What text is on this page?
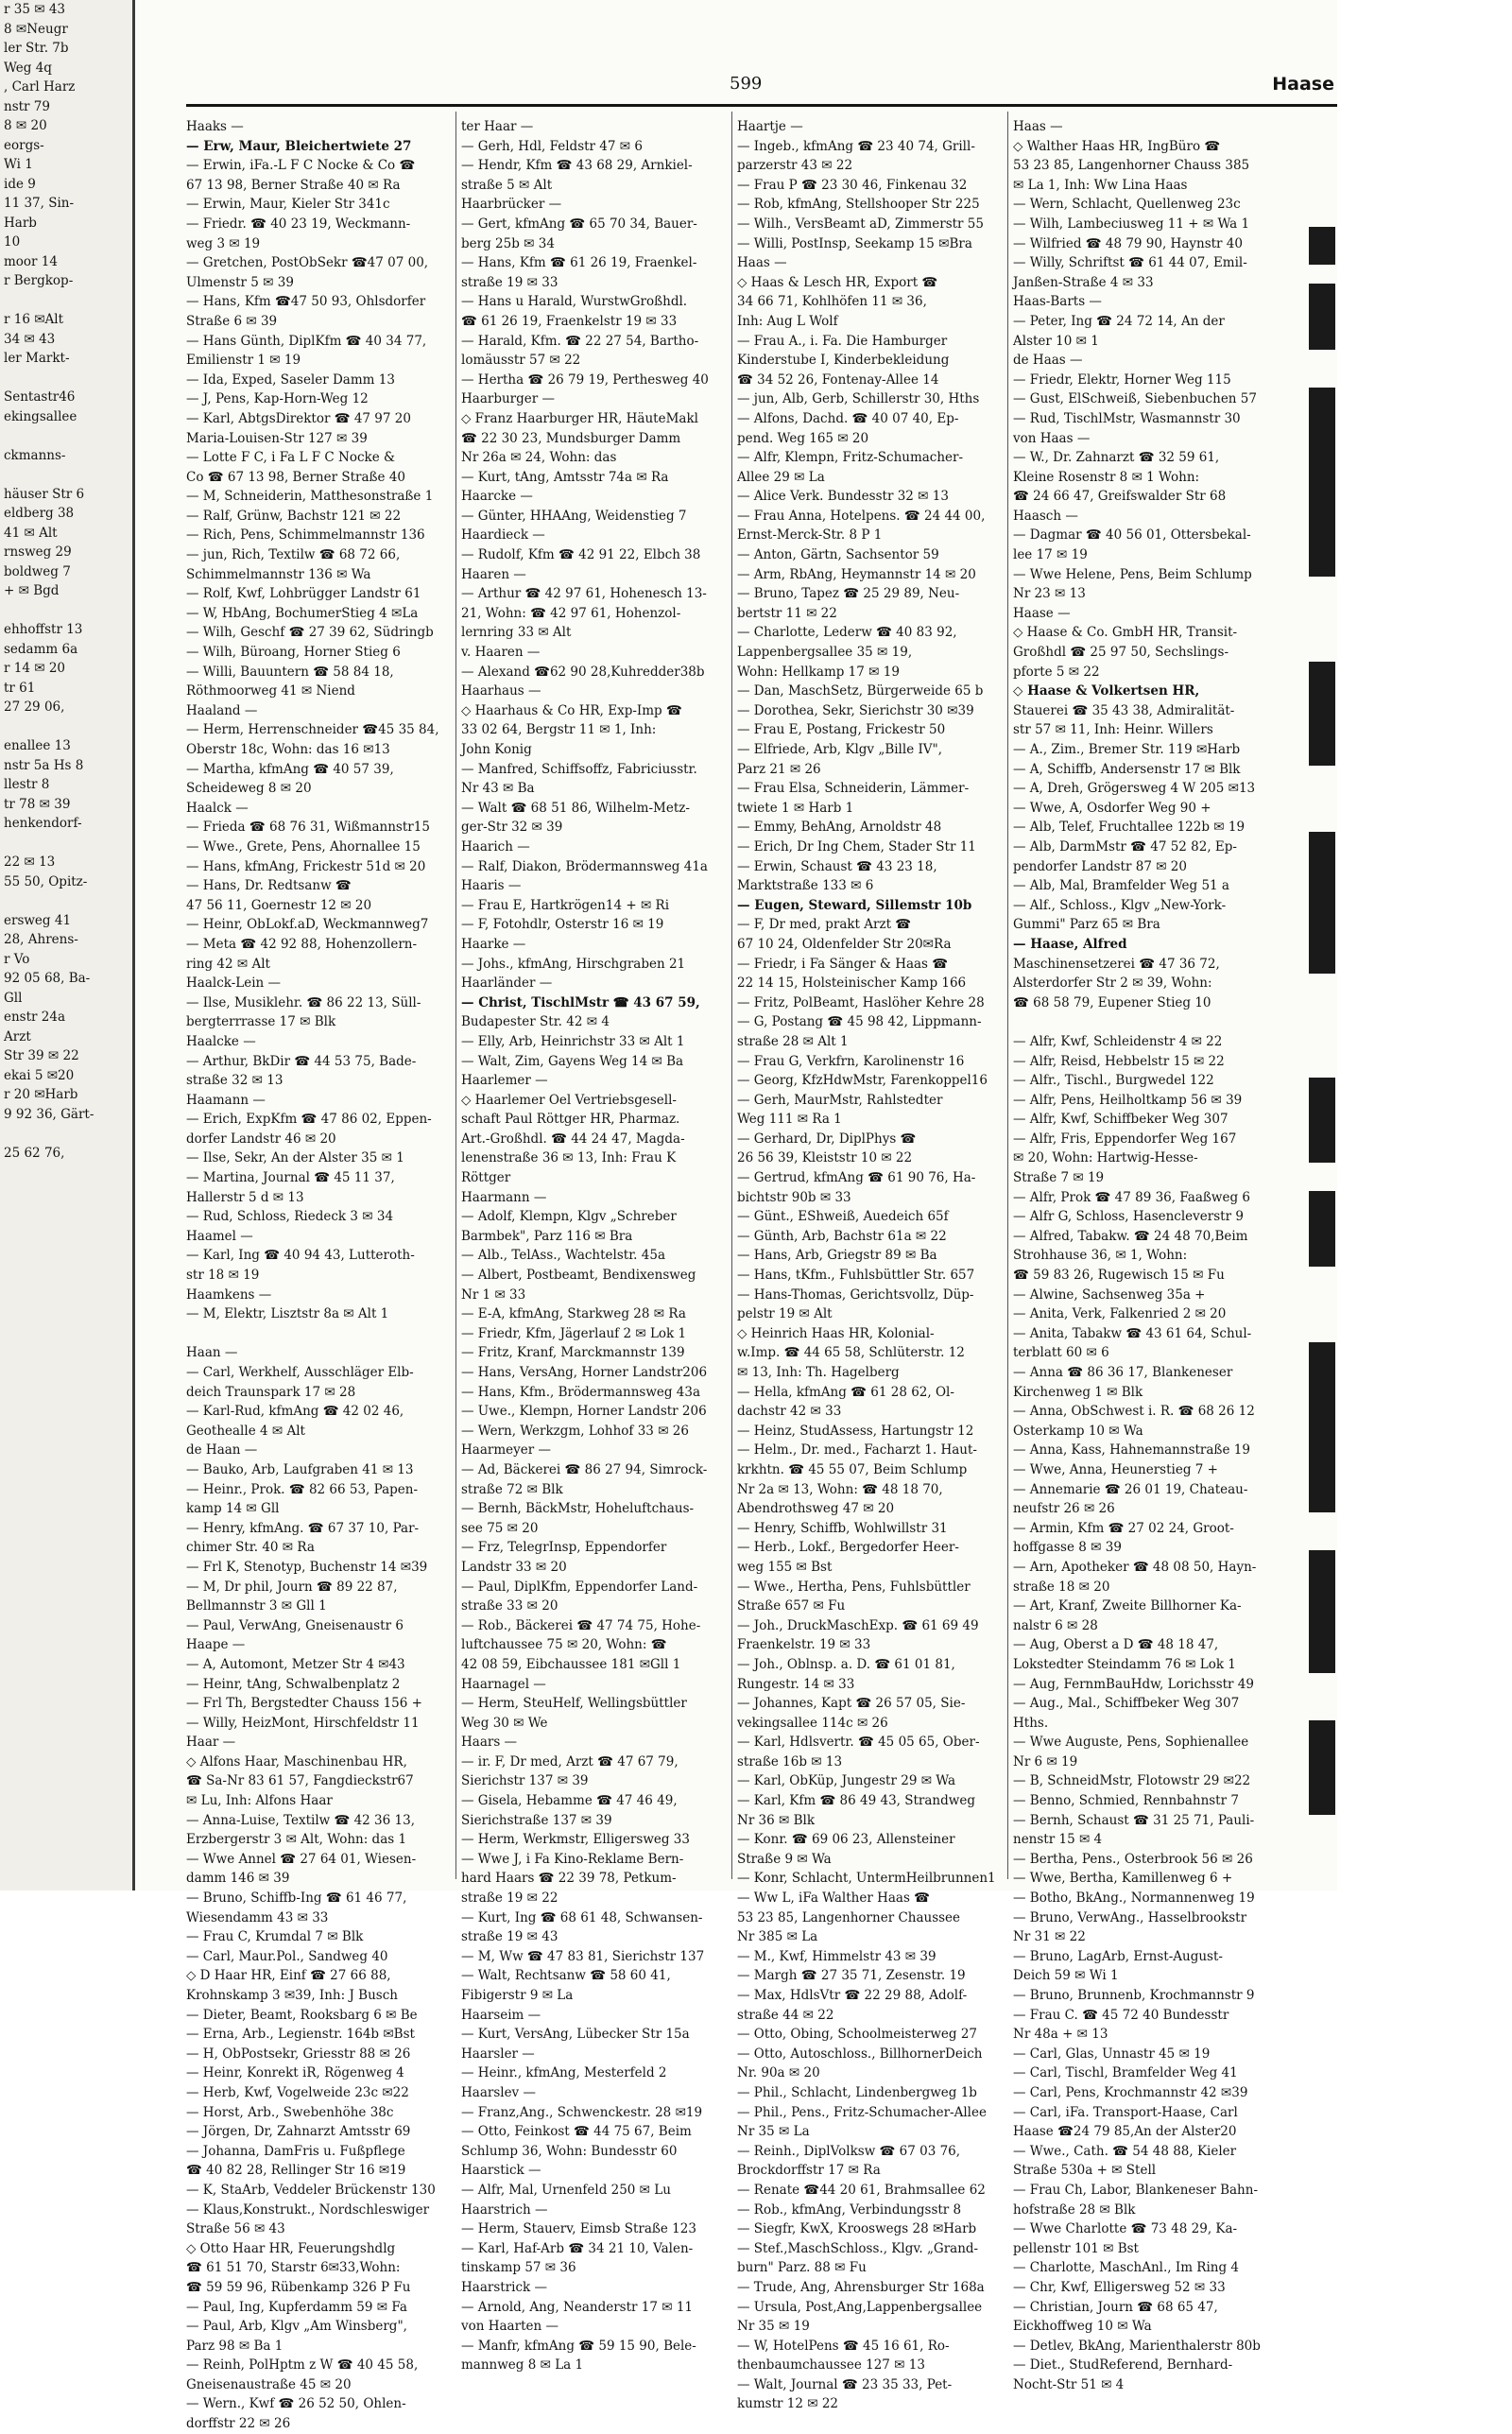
r 35 ✉ 43
8 ✉Neugr
ler Str. 7b
Weg 4q
, Carl Harz
nstr 79
8 ✉ 20
eorgs-
Wi 1
ide 9
11 37, Sin-
Harb
10
moor 14
r Bergkop-

r 16 ✉Alt
34 ✉ 43
ler Markt-

Sentastr46
ekingsallee

ckmanns-

häuser Str 6
eldberg 38
41 ✉ Alt
rnsweg 29
boldweg 7
+ ✉ Bgd

ehhoffstr 13
sedamm 6a
r 14 ✉ 20
tr 61
27 29 06,

enallee 13
nstr 5a Hs 8
llestr 8
tr 78 ✉ 39
henkendorf-

22 ✉ 13
55 50, Opitz-

ersweg 41
28, Ahrens-
r Vo
92 05 68, Ba-
Gll
enstr 24a
Arzt
Str 39 ✉ 22
ekai 5 ✉20
r 20 ✉Harb
9 92 36, Gärt-

25 62 76,
599	Haase
Haaks —
— Erw, Maur, Bleichertwiete 27
— Erwin, iFa.-L F C Nocke & Co ☎
67 13 98, Berner Straße 40 ✉ Ra
— Erwin, Maur, Kieler Str 341c
— Friedr. ☎ 40 23 19, Weckmann-
weg 3 ✉ 19
— Gretchen, PostObSekr ☎47 07 00,
Ulmenstr 5 ✉ 39
— Hans, Kfm ☎47 50 93, Ohlsdorfer
Straße 6 ✉ 39
— Hans Günth, DiplKfm ☎ 40 34 77,
Emilienstr 1 ✉ 19
— Ida, Exped, Saseler Damm 13
— J, Pens, Kap-Horn-Weg 12
— Karl, AbtgsDirektor ☎ 47 97 20
Maria-Louisen-Str 127 ✉ 39
— Lotte F C, i Fa L F C Nocke &
Co ☎ 67 13 98, Berner Straße 40
— M, Schneiderin, Matthesonstraße 1
— Ralf, Grünw, Bachstr 121 ✉ 22
— Rich, Pens, Schimmelmannstr 136
— jun, Rich, Textilw ☎ 68 72 66,
Schimmelmannstr 136 ✉ Wa
— Rolf, Kwf, Lohbrügger Landstr 61
— W, HbAng, BochumerStieg 4 ✉La
— Wilh, Geschf ☎ 27 39 62, Südringb
— Wilh, Büroang, Horner Stieg 6
— Willi, Bauuntern ☎ 58 84 18,
Röthmoorweg 41 ✉ Niend
Haaland —
— Herm, Herrenschneider ☎45 35 84,
Oberstr 18c, Wohn: das 16 ✉13
— Martha, kfmAng ☎ 40 57 39,
Scheideweg 8 ✉ 20
Haalck —
— Frieda ☎ 68 76 31, Wißmannstr15
— Wwe., Grete, Pens, Ahornallee 15
— Hans, kfmAng, Frickestr 51d ✉ 20
— Hans, Dr. Redtsanw ☎
47 56 11, Goernestr 12 ✉ 20
— Heinr, ObLokf.aD, Weckmannweg7
— Meta ☎ 42 92 88, Hohenzollern-
ring 42 ✉ Alt
Haalck-Lein —
— Ilse, Musiklehr. ☎ 86 22 13, Süll-
bergterrrasse 17 ✉ Blk
Haalcke —
— Arthur, BkDir ☎ 44 53 75, Bade-
straße 32 ✉ 13
Haamann —
— Erich, ExpKfm ☎ 47 86 02, Eppen-
dorfer Landstr 46 ✉ 20
— Ilse, Sekr, An der Alster 35 ✉ 1
— Martina, Journal ☎ 45 11 37,
Hallerstr 5 d ✉ 13
— Rud, Schloss, Riedeck 3 ✉ 34
Haamel —
— Karl, Ing ☎ 40 94 43, Lutteroth-
str 18 ✉ 19
Haamkens —
— M, Elektr, Lisztstr 8a ✉ Alt 1

Haan —
— Carl, Werkhelf, Ausschläger Elb-
deich Traunspark 17 ✉ 28
— Karl-Rud, kfmAng ☎ 42 02 46,
Geothealle 4 ✉ Alt
de Haan —
— Bauko, Arb, Laufgraben 41 ✉ 13
— Heinr., Prok. ☎ 82 66 53, Papen-
kamp 14 ✉ Gll
— Henry, kfmAng. ☎ 67 37 10, Par-
chimer Str. 40 ✉ Ra
— Frl K, Stenotyp, Buchenstr 14 ✉39
— M, Dr phil, Journ ☎ 89 22 87,
Bellmannstr 3 ✉ Gll 1
— Paul, VerwAng, Gneisenaustr 6
Haape —
— A, Automont, Metzer Str 4 ✉43
— Heinr, tAng, Schwalbenplatz 2
— Frl Th, Bergstedter Chauss 156 +
— Willy, HeizMont, Hirschfeldstr 11
Haar —
◇ Alfons Haar, Maschinenbau HR,
☎ Sa-Nr 83 61 57, Fangdieckstr67
✉ Lu, Inh: Alfons Haar
— Anna-Luise, Textilw ☎ 42 36 13,
Erzbergerstr 3 ✉ Alt, Wohn: das 1
— Wwe Annel ☎ 27 64 01, Wiesen-
damm 146 ✉ 39
— Bruno, Schiffb-Ing ☎ 61 46 77,
Wiesendamm 43 ✉ 33
— Frau C, Krumdal 7 ✉ Blk
— Carl, Maur.Pol., Sandweg 40
◇ D Haar HR, Einf ☎ 27 66 88,
Krohnskamp 3 ✉39, Inh: J Busch
— Dieter, Beamt, Rooksbarg 6 ✉ Be
— Erna, Arb., Legienstr. 164b ✉Bst
— H, ObPostsekr, Griesstr 88 ✉ 26
— Heinr, Konrekt iR, Rögenweg 4
— Herb, Kwf, Vogelweide 23c ✉22
— Horst, Arb., Swebenhöhe 38c
— Jörgen, Dr, Zahnarzt Amtsstr 69
— Johanna, DamFris u. Fußpflege
☎ 40 82 28, Rellinger Str 16 ✉19
— K, StaArb, Veddeler Brückenstr 130
— Klaus,Konstrukt., Nordschleswiger
Straße 56 ✉ 43
◇ Otto Haar HR, Feuerungshdlg
☎ 61 51 70, Starstr 6✉33,Wohn:
☎ 59 59 96, Rübenkamp 326 P Fu
— Paul, Ing, Kupferdamm 59 ✉ Fa
— Paul, Arb, Klgv „Am Winsberg",
Parz 98 ✉ Ba 1
— Reinh, PolHptm z W ☎ 40 45 58,
Gneisenaustraße 45 ✉ 20
— Wern., Kwf ☎ 26 52 50, Ohlen-
dorffstr 22 ✉ 26
ter Haar —
— Gerh, Hdl, Feldstr 47 ✉ 6
— Hendr, Kfm ☎ 43 68 29, Arnkiel-
straße 5 ✉ Alt
Haarbrücker —
— Gert, kfmAng ☎ 65 70 34, Bauer-
berg 25b ✉ 34
— Hans, Kfm ☎ 61 26 19, Fraenkel-
straße 19 ✉ 33
— Hans u Harald, WurstwGroßhdl.
☎ 61 26 19, Fraenkelstr 19 ✉ 33
— Harald, Kfm. ☎ 22 27 54, Bartho-
lomäusstr 57 ✉ 22
— Hertha ☎ 26 79 19, Perthesweg 40
Haarburger —
◇ Franz Haarburger HR, HäuteMakl
☎ 22 30 23, Mundsburger Damm
Nr 26a ✉ 24, Wohn: das
— Kurt, tAng, Amtsstr 74a ✉ Ra
Haarcke —
— Günter, HHAAng, Weidenstieg 7
Haardieck —
— Rudolf, Kfm ☎ 42 91 22, Elbch 38
Haaren —
— Arthur ☎ 42 97 61, Hohenesch 13-
21, Wohn: ☎ 42 97 61, Hohenzol-
lernring 33 ✉ Alt
v. Haaren —
— Alexand ☎62 90 28,Kuhredder38b
Haarhaus —
◇ Haarhaus & Co HR, Exp-Imp ☎
33 02 64, Bergstr 11 ✉ 1, Inh:
John Konig
— Manfred, Schiffsoffz, Fabriciusstr.
Nr 43 ✉ Ba
— Walt ☎ 68 51 86, Wilhelm-Metz-
ger-Str 32 ✉ 39
Haarich —
— Ralf, Diakon, Brödermannsweg 41a
Haaris —
— Frau E, Hartkrögen14 + ✉ Ri
— F, Fotohdlr, Osterstr 16 ✉ 19
Haarke —
— Johs., kfmAng, Hirschgraben 21
Haarländer —
— Christ, TischlMstr ☎ 43 67 59,
Budapester Str. 42 ✉ 4
— Elly, Arb, Heinrichstr 33 ✉ Alt 1
— Walt, Zim, Gayens Weg 14 ✉ Ba
Haarlemer —
◇ Haarlemer Oel Vertriebsgesell-
schaft Paul Röttger HR, Pharmaz.
Art.-Großhdl. ☎ 44 24 47, Magda-
lenenstraße 36 ✉ 13, Inh: Frau K
Röttger
Haarmann —
— Adolf, Klempn, Klgv „Schreber
Barmbek", Parz 116 ✉ Bra
— Alb., TelAss., Wachtelstr. 45a
— Albert, Postbeamt, Bendixensweg
Nr 1 ✉ 33
— E-A, kfmAng, Starkweg 28 ✉ Ra
— Friedr, Kfm, Jägerlauf 2 ✉ Lok 1
— Fritz, Kranf, Marckmannstr 139
— Hans, VersAng, Horner Landstr206
— Hans, Kfm., Brödermannsweg 43a
— Uwe., Klempn, Horner Landstr 206
— Wern, Werkzgm, Lohhof 33 ✉ 26
Haarmeyer —
— Ad, Bäckerei ☎ 86 27 94, Simrock-
straße 72 ✉ Blk
— Bernh, BäckMstr, Hoheluftchaus-
see 75 ✉ 20
— Frz, TelegrInsp, Eppendorfer
Landstr 33 ✉ 20
— Paul, DiplKfm, Eppendorfer Land-
straße 33 ✉ 20
— Rob., Bäckerei ☎ 47 74 75, Hohe-
luftchaussee 75 ✉ 20, Wohn: ☎
42 08 59, Eibchaussee 181 ✉Gll 1
Haarnagel —
— Herm, SteuHelf, Wellingsbüttler
Weg 30 ✉ We
Haars —
— ir. F, Dr med, Arzt ☎ 47 67 79,
Sierichstr 137 ✉ 39
— Gisela, Hebamme ☎ 47 46 49,
Sierichstraße 137 ✉ 39
— Herm, Werkmstr, Elligersweg 33
— Wwe J, i Fa Kino-Reklame Bern-
hard Haars ☎ 22 39 78, Petkum-
straße 19 ✉ 22
— Kurt, Ing ☎ 68 61 48, Schwansen-
straße 19 ✉ 43
— M, Ww ☎ 47 83 81, Sierichstr 137
— Walt, Rechtsanw ☎ 58 60 41,
Fibigerstr 9 ✉ La
Haarseim —
— Kurt, VersAng, Lübecker Str 15a
Haarsler —
— Heinr., kfmAng, Mesterfeld 2
Haarslev —
— Franz,Ang., Schwenckestr. 28 ✉19
— Otto, Feinkost ☎ 44 75 67, Beim
Schlump 36, Wohn: Bundesstr 60
Haarstick —
— Alfr, Mal, Urnenfeld 250 ✉ Lu
Haarstrich —
— Herm, Stauerv, Eimsb Straße 123
— Karl, Haf-Arb ☎ 34 21 10, Valen-
tinskamp 57 ✉ 36
Haarstrick —
— Arnold, Ang, Neanderstr 17 ✉ 11
von Haarten —
— Manfr, kfmAng ☎ 59 15 90, Bele-
mannweg 8 ✉ La 1
Haartje —
— Ingeb., kfmAng ☎ 23 40 74, Grill-
parzerstr 43 ✉ 22
— Frau P ☎ 23 30 46, Finkenau 32
— Rob, kfmAng, Stellshooper Str 225
— Wilh., VersBeamt aD, Zimmerstr 55
— Willi, PostInsp, Seekamp 15 ✉Bra
Haas —
◇ Haas & Lesch HR, Export ☎
34 66 71, Kohlhöfen 11 ✉ 36,
Inh: Aug L Wolf
— Frau A., i. Fa. Die Hamburger
Kinderstube I, Kinderbekleidung
☎ 34 52 26, Fontenay-Allee 14
— jun, Alb, Gerb, Schillerstr 30, Hths
— Alfons, Dachd. ☎ 40 07 40, Ep-
pend. Weg 165 ✉ 20
— Alfr, Klempn, Fritz-Schumacher-
Allee 29 ✉ La
— Alice Verk. Bundesstr 32 ✉ 13
— Frau Anna, Hotelpens. ☎ 24 44 00,
Ernst-Merck-Str. 8 P 1
— Anton, Gärtn, Sachsentor 59
— Arm, RbAng, Heymannstr 14 ✉ 20
— Bruno, Tapez ☎ 25 29 89, Neu-
bertstr 11 ✉ 22
— Charlotte, Lederw ☎ 40 83 92,
Lappenbergsallee 35 ✉ 19,
Wohn: Hellkamp 17 ✉ 19
— Dan, MaschSetz, Bürgerweide 65 b
— Dorothea, Sekr, Sierichstr 30 ✉39
— Frau E, Postang, Frickestr 50
— Elfriede, Arb, Klgv „Bille IV",
Parz 21 ✉ 26
— Frau Elsa, Schneiderin, Lämmer-
twiete 1 ✉ Harb 1
— Emmy, BehAng, Arnoldstr 48
— Erich, Dr Ing Chem, Stader Str 11
— Erwin, Schaust ☎ 43 23 18,
Marktstraße 133 ✉ 6
— Eugen, Steward, Sillemstr 10b
— F, Dr med, prakt Arzt ☎
67 10 24, Oldenfelder Str 20✉Ra
— Friedr, i Fa Sänger & Haas ☎
22 14 15, Holsteinischer Kamp 166
— Fritz, PolBeamt, Haslöher Kehre 28
— G, Postang ☎ 45 98 42, Lippmann-
straße 28 ✉ Alt 1
— Frau G, Verkfrn, Karolinenstr 16
— Georg, KfzHdwMstr, Farenkoppel16
— Gerh, MaurMstr, Rahlstedter
Weg 111 ✉ Ra 1
— Gerhard, Dr, DiplPhys ☎
26 56 39, Kleiststr 10 ✉ 22
— Gertrud, kfmAng ☎ 61 90 76, Ha-
bichtstr 90b ✉ 33
— Günt., EShweiß, Auedeich 65f
— Günth, Arb, Bachstr 61a ✉ 22
— Hans, Arb, Griegstr 89 ✉ Ba
— Hans, tKfm., Fuhlsbüttler Str. 657
— Hans-Thomas, Gerichtsvollz, Düp-
pelstr 19 ✉ Alt
◇ Heinrich Haas HR, Kolonial-
w.Imp. ☎ 44 65 58, Schlüterstr. 12
✉ 13, Inh: Th. Hagelberg
— Hella, kfmAng ☎ 61 28 62, Ol-
dachstr 42 ✉ 33
— Heinz, StudAssess, Hartungstr 12
— Helm., Dr. med., Facharzt 1. Haut-
krkhtn. ☎ 45 55 07, Beim Schlump
Nr 2a ✉ 13, Wohn: ☎ 48 18 70,
Abendrothsweg 47 ✉ 20
— Henry, Schiffb, Wohlwillstr 31
— Herb., Lokf., Bergedorfer Heer-
weg 155 ✉ Bst
— Wwe., Hertha, Pens, Fuhlsbüttler
Straße 657 ✉ Fu
— Joh., DruckMaschExp. ☎ 61 69 49
Fraenkelstr. 19 ✉ 33
— Joh., Oblnsp. a. D. ☎ 61 01 81,
Rungestr. 14 ✉ 33
— Johannes, Kapt ☎ 26 57 05, Sie-
vekingsallee 114c ✉ 26
— Karl, Hdlsvertr. ☎ 45 05 65, Ober-
straße 16b ✉ 13
— Karl, ObKüp, Jungestr 29 ✉ Wa
— Karl, Kfm ☎ 86 49 43, Strandweg
Nr 36 ✉ Blk
— Konr. ☎ 69 06 23, Allensteiner
Straße 9 ✉ Wa
— Konr, Schlacht, UntermHeilbrunnen1
— Ww L, iFa Walther Haas ☎
53 23 85, Langenhorner Chaussee
Nr 385 ✉ La
— M., Kwf, Himmelstr 43 ✉ 39
— Margh ☎ 27 35 71, Zesenstr. 19
— Max, HdlsVtr ☎ 22 29 88, Adolf-
straße 44 ✉ 22
— Otto, Obing, Schoolmeisterweg 27
— Otto, Autoschloss., BillhornerDeich
Nr. 90a ✉ 20
— Phil., Schlacht, Lindenbergweg 1b
— Phil., Pens., Fritz-Schumacher-Allee
Nr 35 ✉ La
— Reinh., DiplVolksw ☎ 67 03 76,
Brockdorffstr 17 ✉ Ra
— Renate ☎44 20 61, Brahmsallee 62
— Rob., kfmAng, Verbindungsstr 8
— Siegfr, KwX, Krooswegs 28 ✉Harb
— Stef.,MaschSchloss., Klgv. „Grand-
burn" Parz. 88 ✉ Fu
— Trude, Ang, Ahrensburger Str 168a
— Ursula, Post,Ang,Lappenbergsallee
Nr 35 ✉ 19
— W, HotelPens ☎ 45 16 61, Ro-
thenbaumchaussee 127 ✉ 13
— Walt, Journal ☎ 23 35 33, Pet-
kumstr 12 ✉ 22
Haas —
◇ Walther Haas HR, IngBüro ☎
53 23 85, Langenhorner Chauss 385
✉ La 1, Inh: Ww Lina Haas
— Wern, Schlacht, Quellenweg 23c
— Wilh, Lambeciusweg 11 + ✉ Wa 1
— Wilfried ☎ 48 79 90, Haynstr 40
— Willy, Schriftst ☎ 61 44 07, Emil-
Janßen-Straße 4 ✉ 33
Haas-Barts —
— Peter, Ing ☎ 24 72 14, An der
Alster 10 ✉ 1
de Haas —
— Friedr, Elektr, Horner Weg 115
— Gust, ElSchweiß, Siebenbuchen 57
— Rud, TischlMstr, Wasmannstr 30
von Haas —
— W., Dr. Zahnarzt ☎ 32 59 61,
Kleine Rosenstr 8 ✉ 1 Wohn:
☎ 24 66 47, Greifswalder Str 68
Haasch —
— Dagmar ☎ 40 56 01, Ottersbekal-
lee 17 ✉ 19
— Wwe Helene, Pens, Beim Schlump
Nr 23 ✉ 13
Haase —
◇ Haase & Co. GmbH HR, Transit-
Großhdl ☎ 25 97 50, Sechslings-
pforte 5 ✉ 22
◇ Haase & Volkertsen HR,
Stauerei ☎ 35 43 38, Admiralität-
str 57 ✉ 11, Inh: Heinr. Willers
— A., Zim., Bremer Str. 119 ✉Harb
— A, Schiffb, Andersenstr 17 ✉ Blk
— A, Dreh, Grögersweg 4 W 205 ✉13
— Wwe, A, Osdorfer Weg 90 +
— Alb, Telef, Fruchtallee 122b ✉ 19
— Alb, DarmMstr ☎ 47 52 82, Ep-
pendorfer Landstr 87 ✉ 20
— Alb, Mal, Bramfelder Weg 51 a
— Alf., Schloss., Klgv „New-York-
Gummi" Parz 65 ✉ Bra
— Haase, Alfred
Maschinensetzerei ☎ 47 36 72,
Alsterdorfer Str 2 ✉ 39, Wohn:
☎ 68 58 79, Eupener Stieg 10

— Alfr, Kwf, Schleidenstr 4 ✉ 22
— Alfr, Reisd, Hebbelstr 15 ✉ 22
— Alfr., Tischl., Burgwedel 122
— Alfr, Pens, Heilholtkamp 56 ✉ 39
— Alfr, Kwf, Schiffbeker Weg 307
— Alfr, Fris, Eppendorfer Weg 167
✉ 20, Wohn: Hartwig-Hesse-
Straße 7 ✉ 19
— Alfr, Prok ☎ 47 89 36, Faaßweg 6
— Alfr G, Schloss, Hasencleverstr 9
— Alfred, Tabakw. ☎ 24 48 70,Beim
Strohhause 36, ✉ 1, Wohn:
☎ 59 83 26, Rugewisch 15 ✉ Fu
— Alwine, Sachsenweg 35a +
— Anita, Verk, Falkenried 2 ✉ 20
— Anita, Tabakw ☎ 43 61 64, Schul-
terblatt 60 ✉ 6
— Anna ☎ 86 36 17, Blankeneser
Kirchenweg 1 ✉ Blk
— Anna, ObSchwest i. R. ☎ 68 26 12
Osterkamp 10 ✉ Wa
— Anna, Kass, Hahnemannstraße 19
— Wwe, Anna, Heunerstieg 7 +
— Annemarie ☎ 26 01 19, Chateau-
neufstr 26 ✉ 26
— Armin, Kfm ☎ 27 02 24, Groot-
hoffgasse 8 ✉ 39
— Arn, Apotheker ☎ 48 08 50, Hayn-
straße 18 ✉ 20
— Art, Kranf, Zweite Billhorner Ka-
nalstr 6 ✉ 28
— Aug, Oberst a D ☎ 48 18 47,
Lokstedter Steindamm 76 ✉ Lok 1
— Aug, FernmBauHdw, Lorichsstr 49
— Aug., Mal., Schiffbeker Weg 307
Hths.
— Wwe Auguste, Pens, Sophienallee
Nr 6 ✉ 19
— B, SchneidMstr, Flotowstr 29 ✉22
— Benno, Schmied, Rennbahnstr 7
— Bernh, Schaust ☎ 31 25 71, Pauli-
nenstr 15 ✉ 4
— Bertha, Pens., Osterbrook 56 ✉ 26
— Wwe, Bertha, Kamillenweg 6 +
— Botho, BkAng., Normannenweg 19
— Bruno, VerwAng., Hasselbrookstr
Nr 31 ✉ 22
— Bruno, LagArb, Ernst-August-
Deich 59 ✉ Wi 1
— Bruno, Brunnenb, Krochmannstr 9
— Frau C. ☎ 45 72 40 Bundesstr
Nr 48a + ✉ 13
— Carl, Glas, Unnastr 45 ✉ 19
— Carl, Tischl, Bramfelder Weg 41
— Carl, Pens, Krochmannstr 42 ✉39
— Carl, iFa. Transport-Haase, Carl
Haase ☎24 79 85,An der Alster20
— Wwe., Cath. ☎ 54 48 88, Kieler
Straße 530a + ✉ Stell
— Frau Ch, Labor, Blankeneser Bahn-
hofstraße 28 ✉ Blk
— Wwe Charlotte ☎ 73 48 29, Ka-
pellenstr 101 ✉ Bst
— Charlotte, MaschAnl., Im Ring 4
— Chr, Kwf, Elligersweg 52 ✉ 33
— Christian, Journ ☎ 68 65 47,
Eickhoffweg 10 ✉ Wa
— Detlev, BkAng, Marienthalerstr 80b
— Diet., StudReferend, Bernhard-
Nocht-Str 51 ✉ 4
